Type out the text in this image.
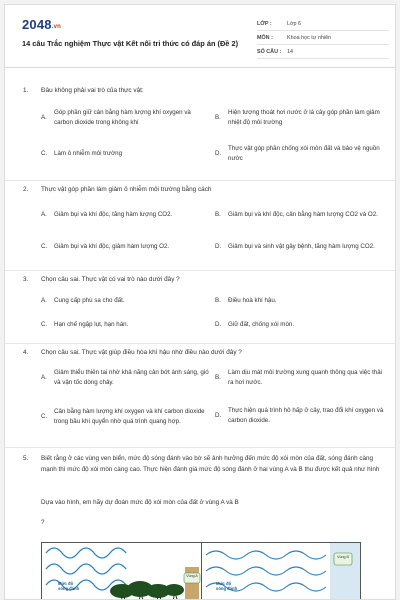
2048.vn
14 câu Trắc nghiệm Thực vật Kết nối tri thức có đáp án (Đề 2)
LỚP :	Lớp 6
MÔN :	Khoa học tự nhiên
SỐ CÂU :	14
1. Đâu không phải vai trò của thực vật:
A.
Góp phần giữ cân bằng hàm lượng khí oxygen và carbon dioxide trong không khí
B.
Hiện tượng thoát hơi nước ở lá cây góp phần làm giảm nhiệt độ môi trường
C.	Làm ô nhiễm môi trường	D.
Thực vật góp phần chống xói mòn đất và bảo vệ nguồn nước
2. Thực vật góp phần làm giảm ô nhiễm môi trường bằng cách
A.	Giảm bụi và khí độc, tăng hàm lượng CO2.	B.	Giảm bụi và khí độc, cân bằng hàm lượng CO2 và O2.
C.	Giảm bụi và khí độc, giảm hàm lượng O2.	D.	Giảm bụi và sinh vật gây bệnh, tăng hàm lượng CO2.
3. Chọn câu sai. Thực vật có vai trò nào dưới đây ?
A.	Cung cấp phù sa cho đất.	B.	Điều hoà khí hậu.
C.	Hạn chế ngập lụt, hạn hán.	D.	Giữ đất, chống xói mòn.
4. Chọn câu sai. Thực vật giúp điều hòa khí hậu nhờ điều nào dưới đây ?
A.
Giảm thiểu thiên tai nhờ khả năng cản bớt ánh sáng, gió và vận tốc dòng chảy.
B.
Làm dịu mát môi trường xung quanh thông qua việc thải ra hơi nước.
C.
Cân bằng hàm lượng khí oxygen và khí carbon dioxide trong bầu khí quyển nhờ quá trình quang hợp.
D.
Thực hiện quá trình hô hấp ở cây, trao đổi khí oxygen và carbon dioxide.
5. Biết rằng ở các vùng ven biển, mức độ sóng đánh vào bờ sẽ ảnh hưởng đến mức độ xói mòn của đất, sóng đánh càng mạnh thì mức độ xói mòn càng cao. Thực hiện đánh giá mức độ sóng đánh ở hai vùng A và B thu được kết quả như hình
Dựa vào hình, em hãy dự đoán mức độ xói mòn của đất ở vùng A và B
?
Mức độ
sóng đánh
Vùng A
Mức độ
sóng đánh
Vùng B
